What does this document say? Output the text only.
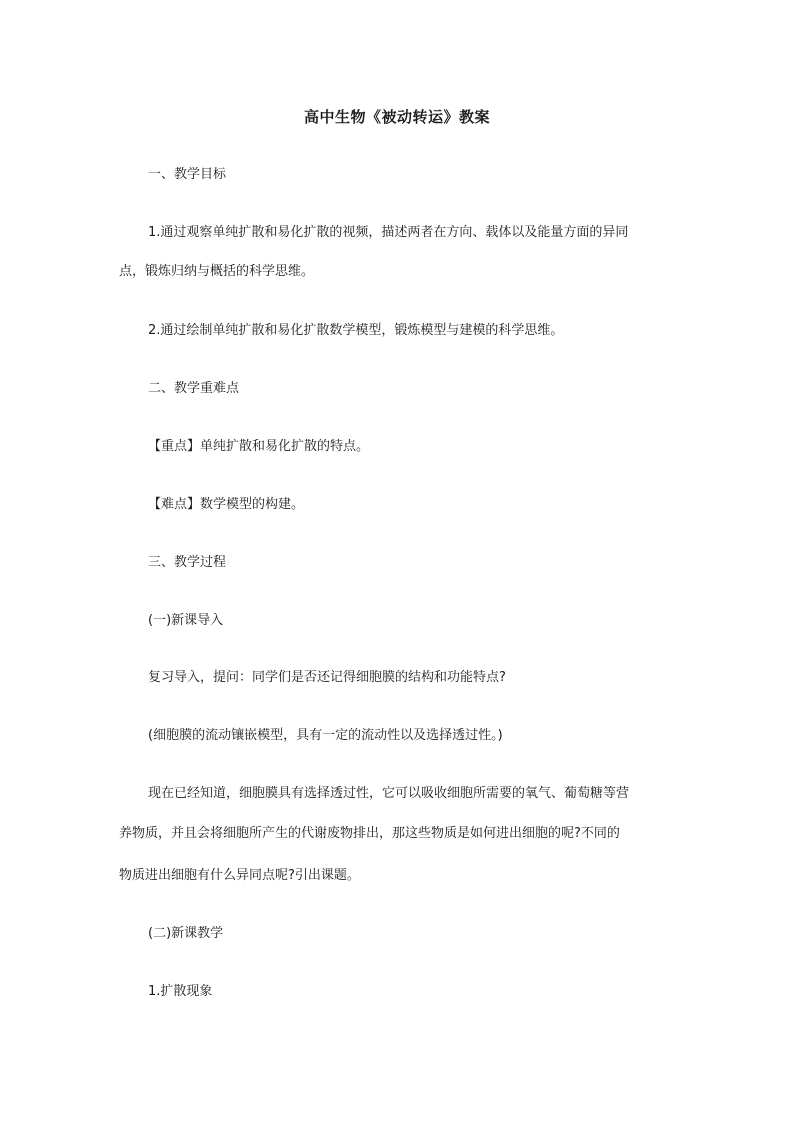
高中生物《被动转运》教案

一、教学目标

1.通过观察单纯扩散和易化扩散的视频，描述两者在方向、载体以及能量方面的异同

点，锻炼归纳与概括的科学思维。

2.通过绘制单纯扩散和易化扩散数学模型，锻炼模型与建模的科学思维。

二、教学重难点

【重点】单纯扩散和易化扩散的特点。

【难点】数学模型的构建。

三、教学过程

(一)新课导入

复习导入，提问：同学们是否还记得细胞膜的结构和功能特点?

(细胞膜的流动镶嵌模型，具有一定的流动性以及选择透过性。)

现在已经知道，细胞膜具有选择透过性，它可以吸收细胞所需要的氧气、葡萄糖等营

养物质，并且会将细胞所产生的代谢废物排出，那这些物质是如何进出细胞的呢?不同的

物质进出细胞有什么异同点呢?引出课题。

(二)新课教学

1.扩散现象
